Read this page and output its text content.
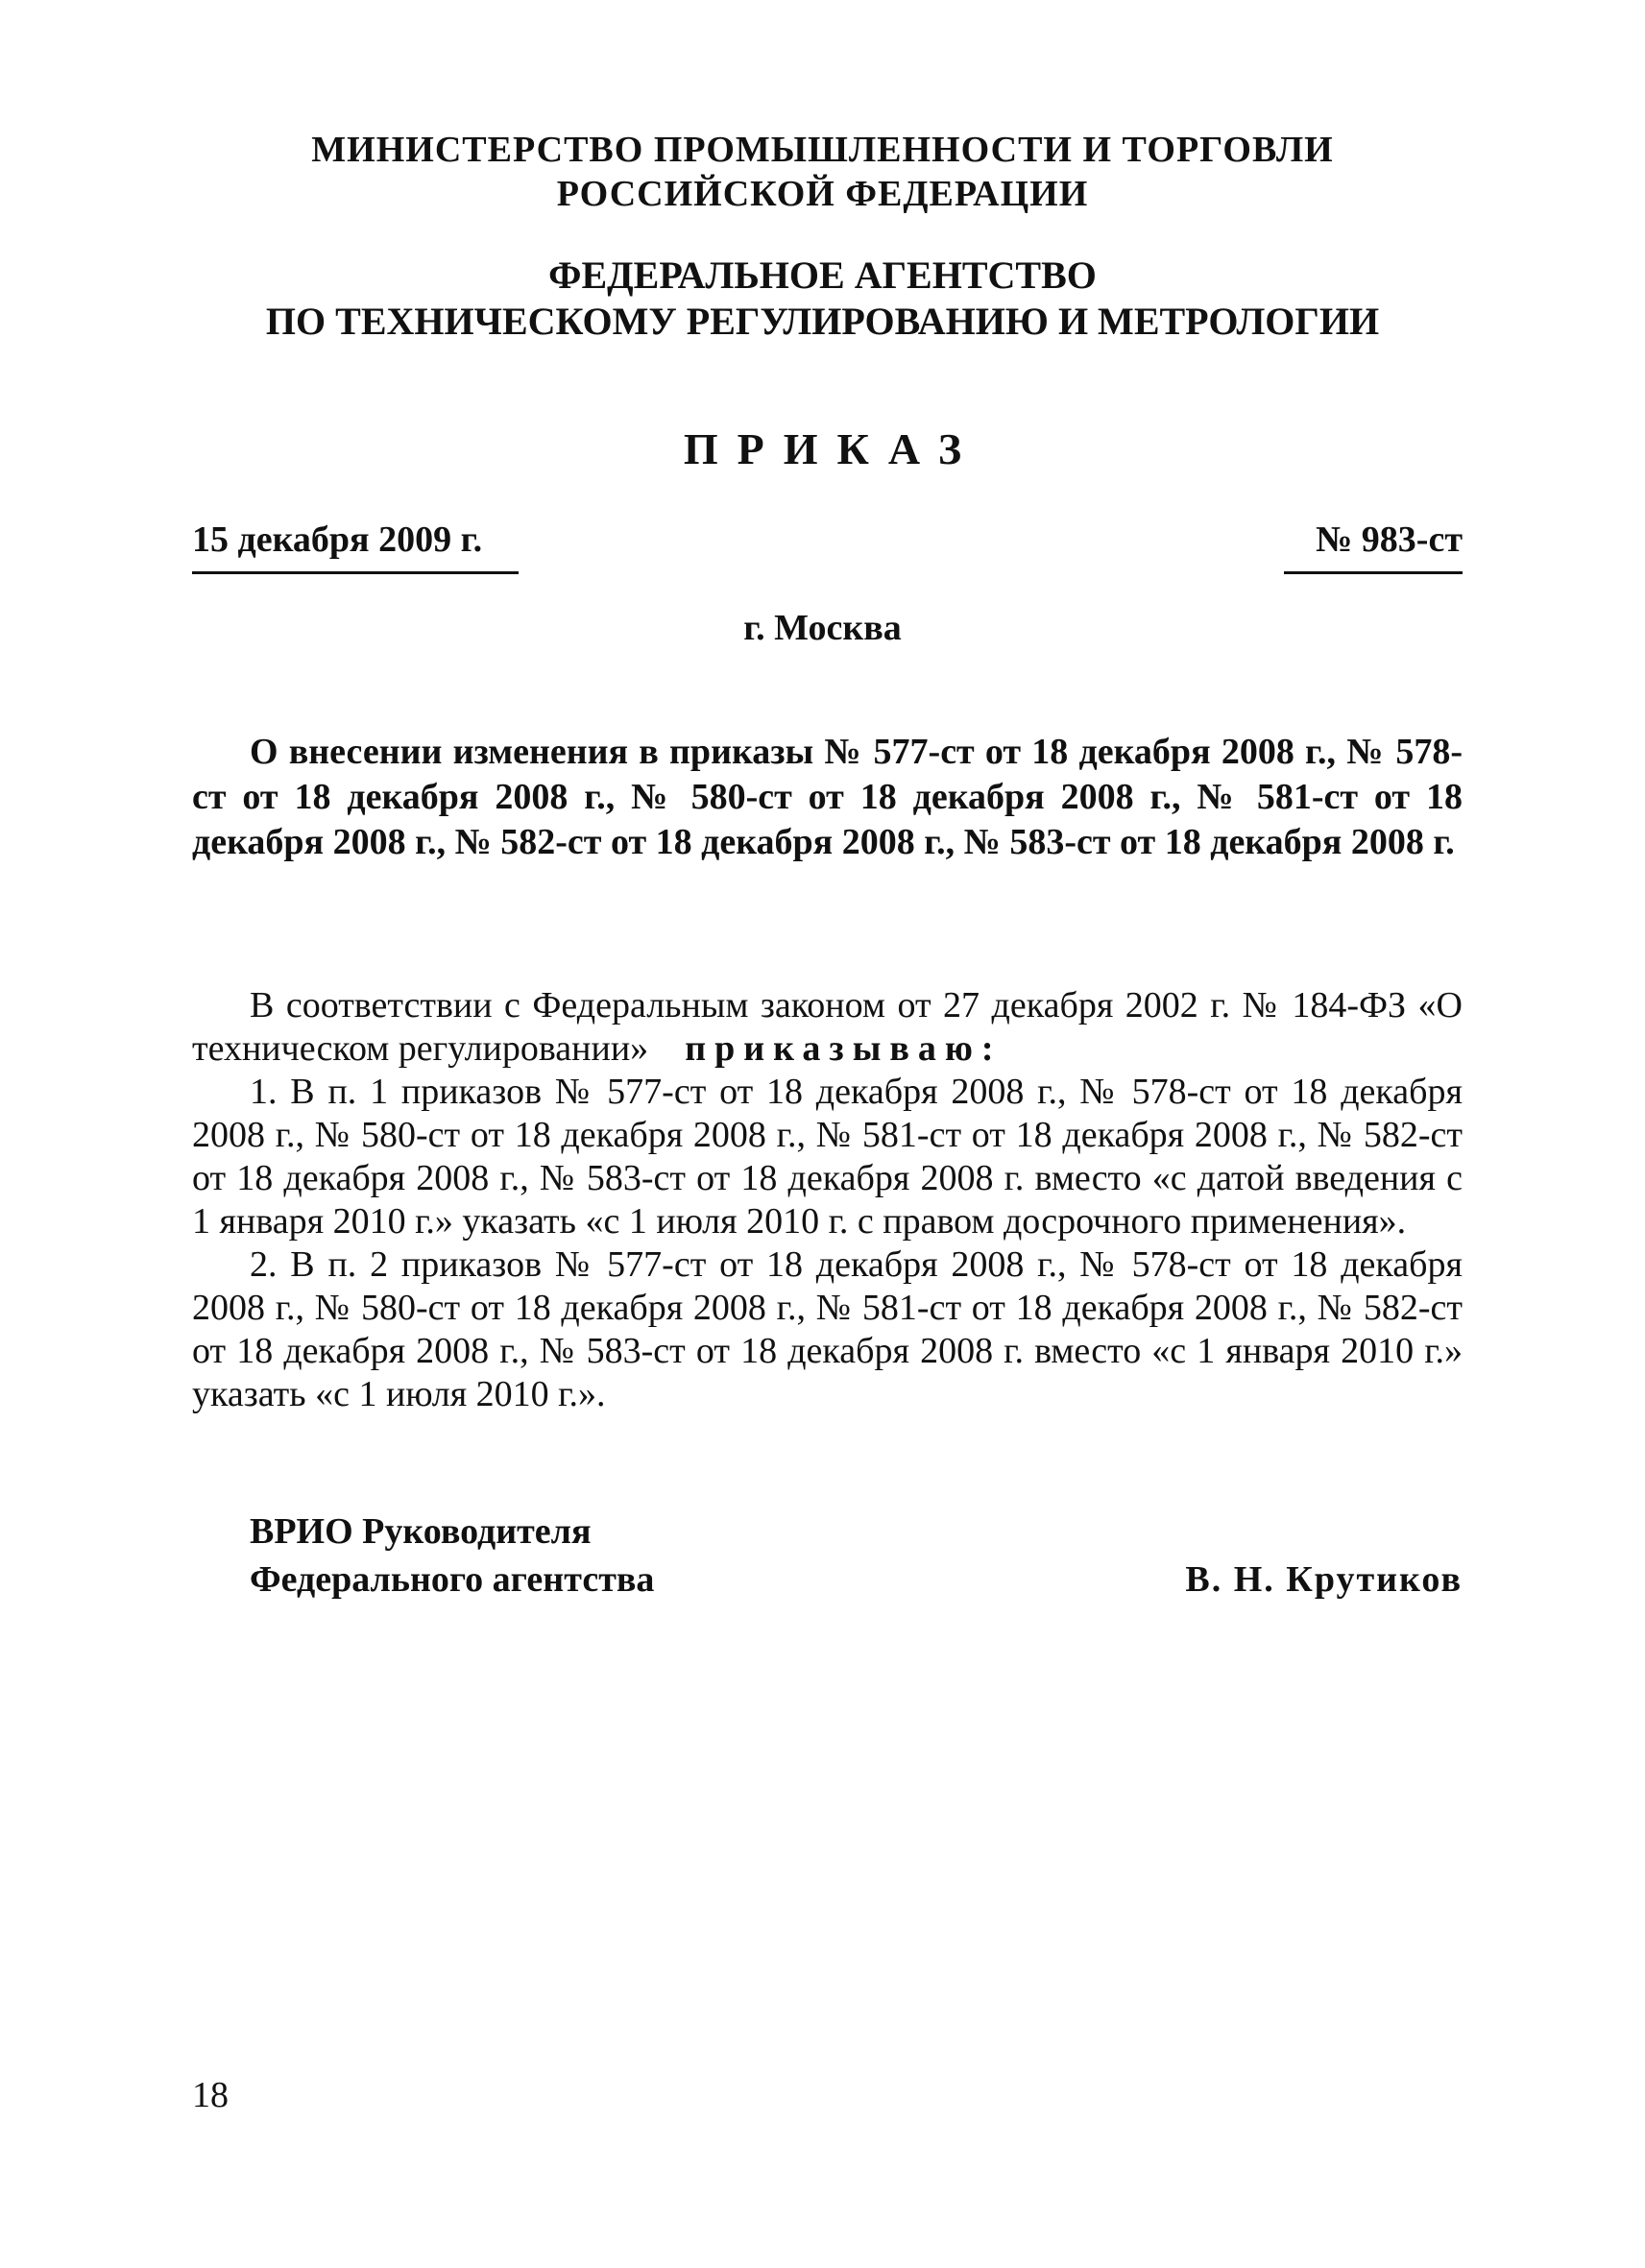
МИНИСТЕРСТВО ПРОМЫШЛЕННОСТИ И ТОРГОВЛИ
РОССИЙСКОЙ ФЕДЕРАЦИИ
ФЕДЕРАЛЬНОЕ АГЕНТСТВО
ПО ТЕХНИЧЕСКОМУ РЕГУЛИРОВАНИЮ И МЕТРОЛОГИИ
ПРИКАЗ
15 декабря 2009 г.	№ 983-ст
г. Москва
О внесении изменения в приказы № 577-ст от 18 декабря 2008 г., № 578-ст от 18 декабря 2008 г., № 580-ст от 18 декабря 2008 г., № 581-ст от 18 декабря 2008 г., № 582-ст от 18 декабря 2008 г., № 583-ст от 18 декабря 2008 г.

В соответствии с Федеральным законом от 27 декабря 2002 г. № 184-ФЗ «О техническом регулировании» приказываю:

1. В п. 1 приказов № 577-ст от 18 декабря 2008 г., № 578-ст от 18 декабря 2008 г., № 580-ст от 18 декабря 2008 г., № 581-ст от 18 декабря 2008 г., № 582-ст от 18 декабря 2008 г., № 583-ст от 18 декабря 2008 г. вместо «с датой введения с 1 января 2010 г.» указать «с 1 июля 2010 г. с правом досрочного применения».

2. В п. 2 приказов № 577-ст от 18 декабря 2008 г., № 578-ст от 18 декабря 2008 г., № 580-ст от 18 декабря 2008 г., № 581-ст от 18 декабря 2008 г., № 582-ст от 18 декабря 2008 г., № 583-ст от 18 декабря 2008 г. вместо «с 1 января 2010 г.» указать «с 1 июля 2010 г.».

ВРИО Руководителя
Федерального агентства	В. Н. Крутиков
18
